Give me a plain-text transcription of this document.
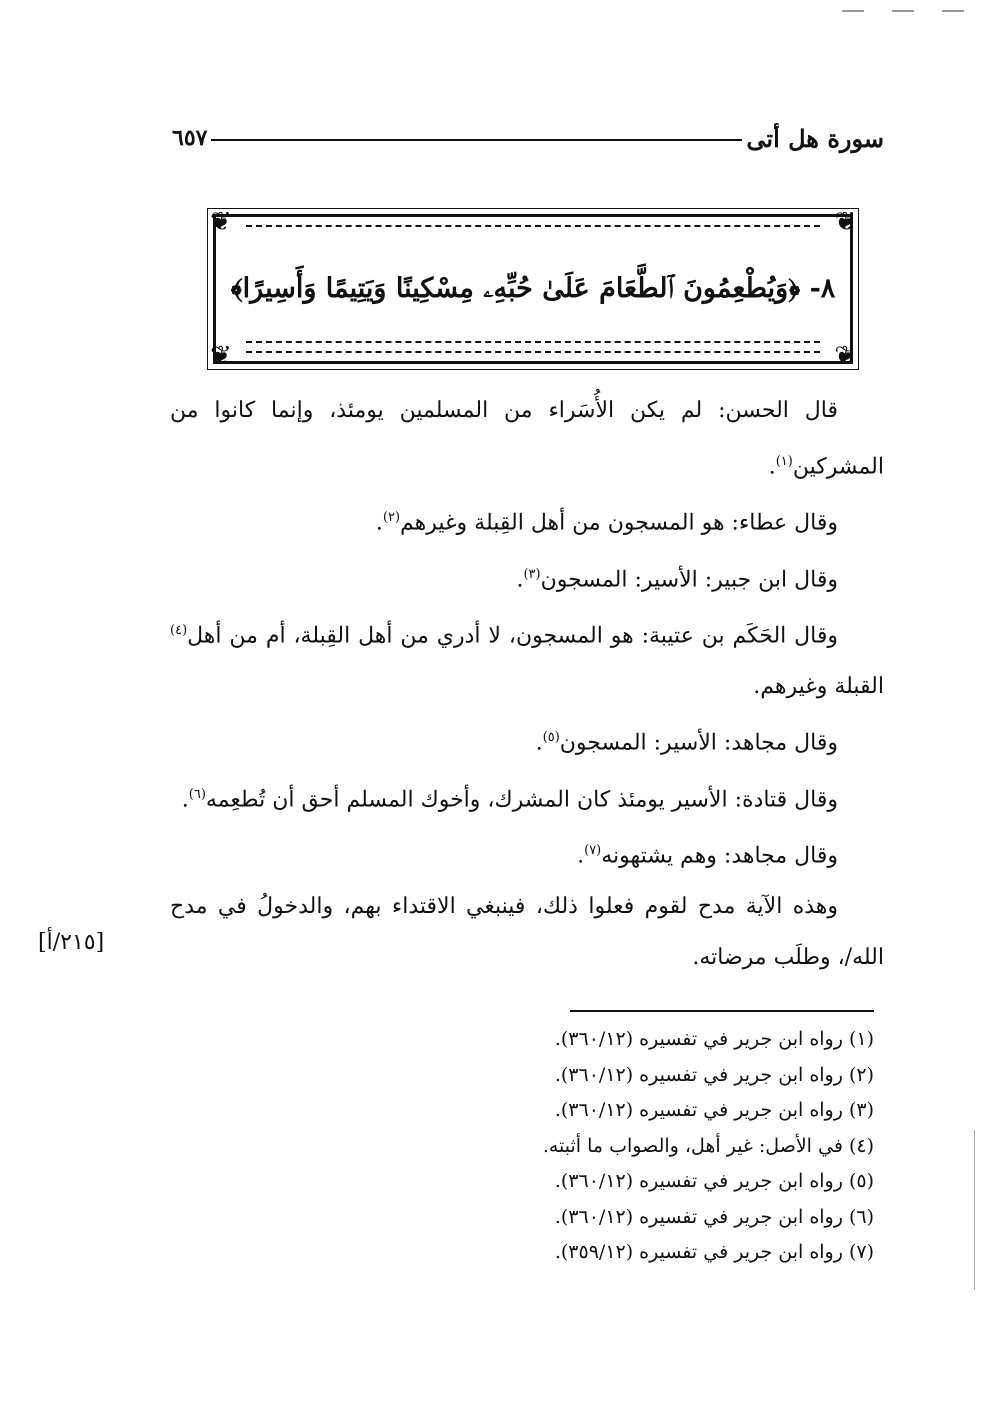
سورة هل أتى
٦٥٧
❦
❦
❦
❦
٨- ﴿وَيُطْعِمُونَ ٱلطَّعَامَ عَلَىٰ حُبِّهِۦ مِسْكِينًا وَيَتِيمًا وَأَسِيرًا﴾

قال الحسن: لم يكن الأُسَراء من المسلمين يومئذ، وإنما كانوا من المشركين$^{(١)}$.

وقال عطاء: هو المسجون من أهل القِبلة وغيرهم$^{(٢)}$.

وقال ابن جبير: الأسير: المسجون$^{(٣)}$.

وقال الحَكَم بن عتيبة: هو المسجون، لا أدري من أهل القِبلة، أم من أهل$^{(٤)}$ القبلة وغيرهم.

وقال مجاهد: الأسير: المسجون$^{(٥)}$.

وقال قتادة: الأسير يومئذ كان المشرك، وأخوك المسلم أحق أن تُطعِمه$^{(٦)}$.

وقال مجاهد: وهم يشتهونه$^{(٧)}$.

وهذه الآية مدح لقوم فعلوا ذلك، فينبغي الاقتداء بهم، والدخولُ في مدح الله/، وطلَب مرضاته.

[٢١٥/أ]
(١) رواه ابن جرير في تفسيره (٣٦٠/١٢).
(٢) رواه ابن جرير في تفسيره (٣٦٠/١٢).
(٣) رواه ابن جرير في تفسيره (٣٦٠/١٢).
(٤) في الأصل: غير أهل، والصواب ما أثبته.
(٥) رواه ابن جرير في تفسيره (٣٦٠/١٢).
(٦) رواه ابن جرير في تفسيره (٣٦٠/١٢).
(٧) رواه ابن جرير في تفسيره (٣٥٩/١٢).
